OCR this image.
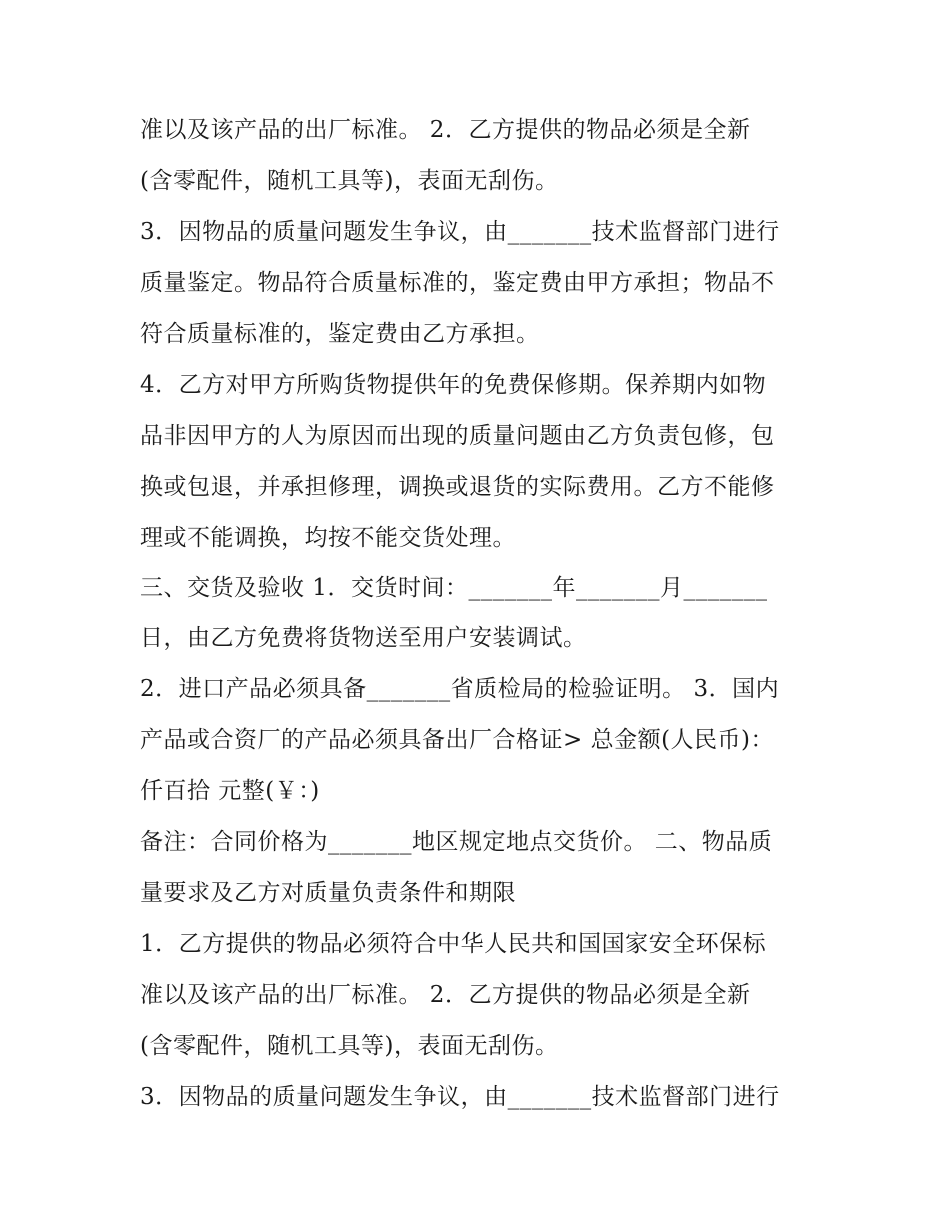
准以及该产品的出厂标准。 2．乙方提供的物品必须是全新
(含零配件，随机工具等)，表面无刮伤。
3．因物品的质量问题发生争议，由_______技术监督部门进行
质量鉴定。物品符合质量标准的，鉴定费由甲方承担；物品不
符合质量标准的，鉴定费由乙方承担。
4．乙方对甲方所购货物提供年的免费保修期。保养期内如物
品非因甲方的人为原因而出现的质量问题由乙方负责包修，包
换或包退，并承担修理，调换或退货的实际费用。乙方不能修
理或不能调换，均按不能交货处理。
三、交货及验收 1．交货时间：_______年_______月_______
日，由乙方免费将货物送至用户安装调试。
2．进口产品必须具备_______省质检局的检验证明。 3．国内
产品或合资厂的产品必须具备出厂合格证> 总金额(人民币)：
仟百拾 元整(￥：)
备注：合同价格为_______地区规定地点交货价。 二、物品质
量要求及乙方对质量负责条件和期限
1．乙方提供的物品必须符合中华人民共和国国家安全环保标
准以及该产品的出厂标准。 2．乙方提供的物品必须是全新
(含零配件，随机工具等)，表面无刮伤。
3．因物品的质量问题发生争议，由_______技术监督部门进行
